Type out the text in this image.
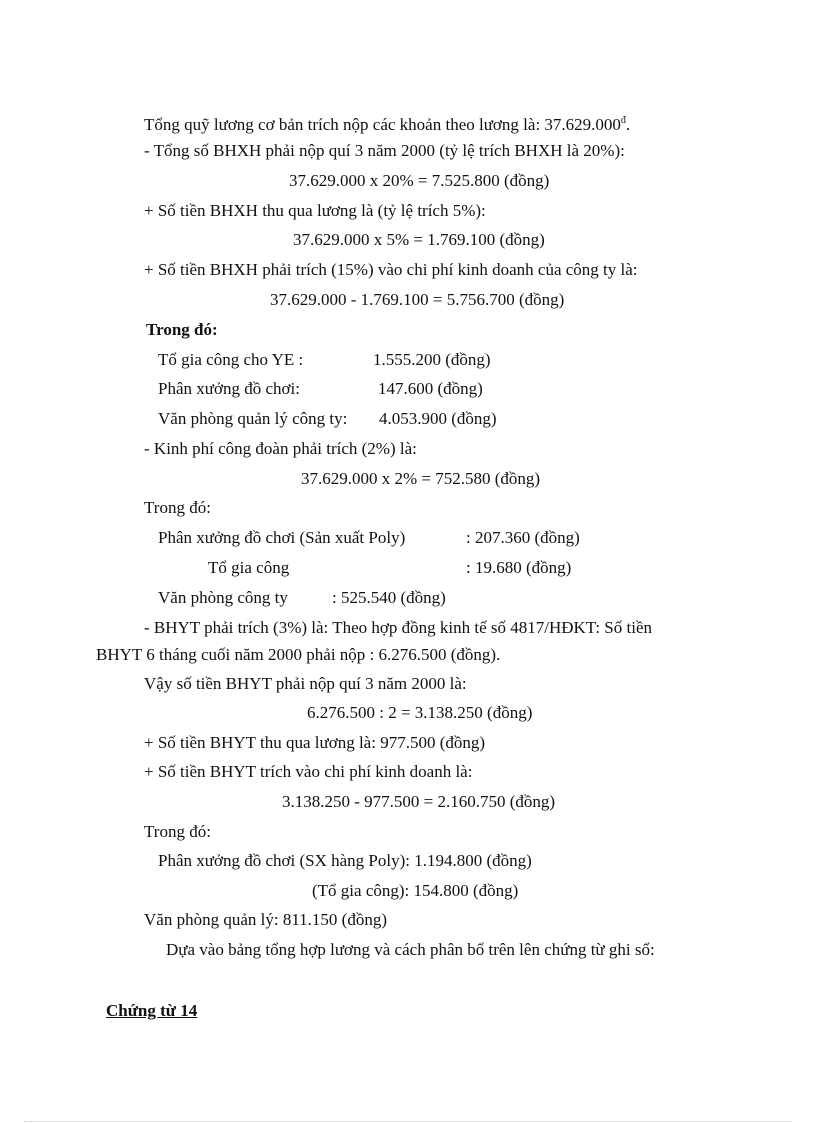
Tổng quỹ lương cơ bản trích nộp các khoản theo lương là: $37.629.000^đ$.
- Tổng số BHXH phải nộp quí 3 năm 2000 (tỷ lệ trích BHXH là 20%):
37.629.000 x 20% = 7.525.800 (đồng)
+ Số tiền BHXH thu qua lương là (tỷ lệ trích 5%):
37.629.000 x 5% = 1.769.100 (đồng)
+ Số tiền BHXH phải trích (15%) vào chi phí kinh doanh của công ty là:
37.629.000 - 1.769.100 = 5.756.700 (đồng)
Trong đó:
Tổ gia công cho YE :	1.555.200 (đồng)
Phân xưởng đồ chơi:	147.600 (đồng)
Văn phòng quản lý công ty: 4.053.900 (đồng)
- Kinh phí công đoàn phải trích (2%) là:
37.629.000 x 2% = 752.580 (đồng)
Trong đó:
Phân xưởng đồ chơi (Sản xuất Poly)	: 207.360 (đồng)
Tổ gia công	: 19.680 (đồng)
Văn phòng công ty	: 525.540 (đồng)
- BHYT phải trích (3%) là: Theo hợp đồng kinh tế số 4817/HĐKT: Số tiền
BHYT 6 tháng cuối năm 2000 phải nộp : 6.276.500 (đồng).
Vậy số tiền BHYT phải nộp quí 3 năm 2000 là:
6.276.500 : 2 = 3.138.250 (đồng)
+ Số tiền BHYT thu qua lương là: 977.500 (đồng)
+ Số tiền BHYT trích vào chi phí kinh doanh là:
3.138.250 - 977.500 = 2.160.750 (đồng)
Trong đó:
Phân xưởng đồ chơi (SX hàng Poly): 1.194.800 (đồng)
(Tổ gia công): 154.800 (đồng)
Văn phòng quản lý: 811.150 (đồng)
Dựa vào bảng tổng hợp lương và cách phân bổ trên lên chứng từ ghi sổ:
Chứng từ 14
